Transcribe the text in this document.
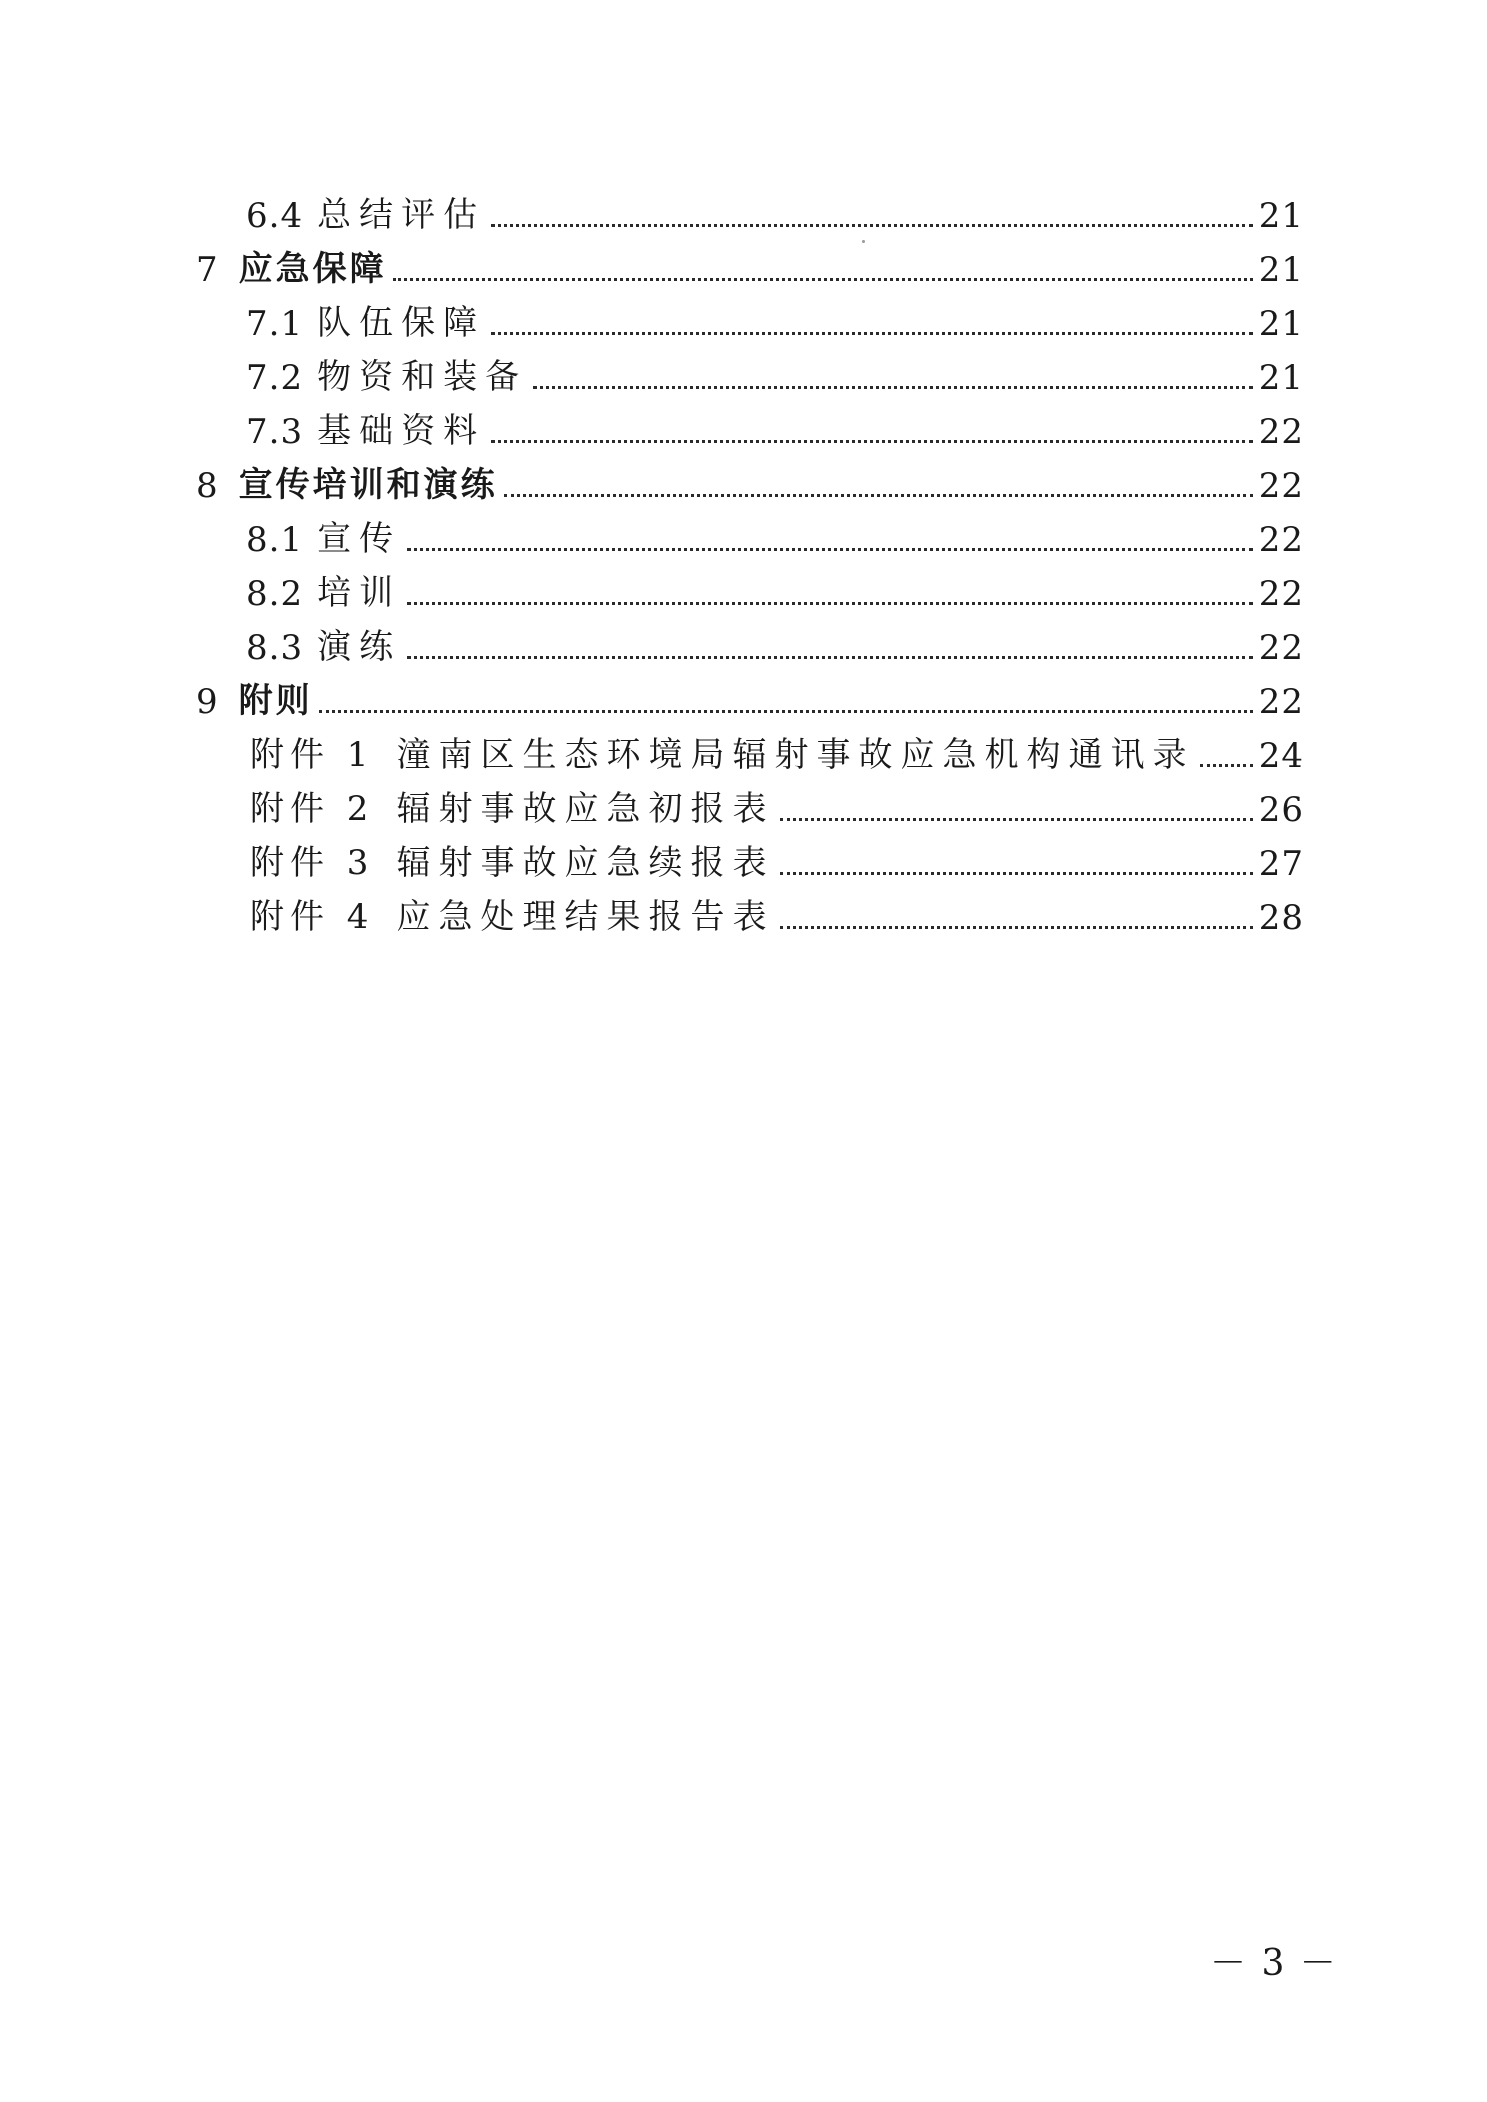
6.4 总结评估	21
7 应急保障	21
7.1 队伍保障	21
7.2 物资和装备	21
7.3 基础资料	22
8 宣传培训和演练	22
8.1 宣传	22
8.2 培训	22
8.3 演练	22
9 附则	22
附件 1 潼南区生态环境局辐射事故应急机构通讯录 24
附件 2 辐射事故应急初报表	26
附件 3 辐射事故应急续报表	27
附件 4 应急处理结果报告表	28
－ 3 －
